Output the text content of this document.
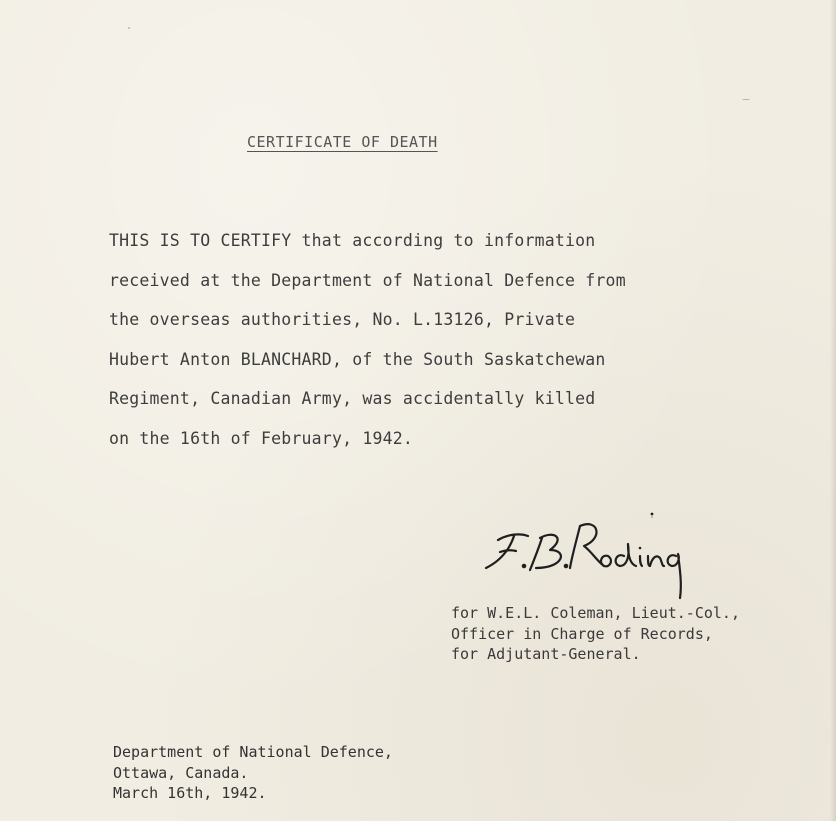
CERTIFICATE OF DEATH
THIS IS TO CERTIFY that according to information
received at the Department of National Defence from
the overseas authorities, No. L.13126, Private
Hubert Anton BLANCHARD, of the South Saskatchewan
Regiment, Canadian Army, was accidentally killed
on the 16th of February, 1942.
for W.E.L. Coleman, Lieut.-Col.,
Officer in Charge of Records,
for Adjutant-General.
Department of National Defence,
Ottawa, Canada.
March 16th, 1942.
